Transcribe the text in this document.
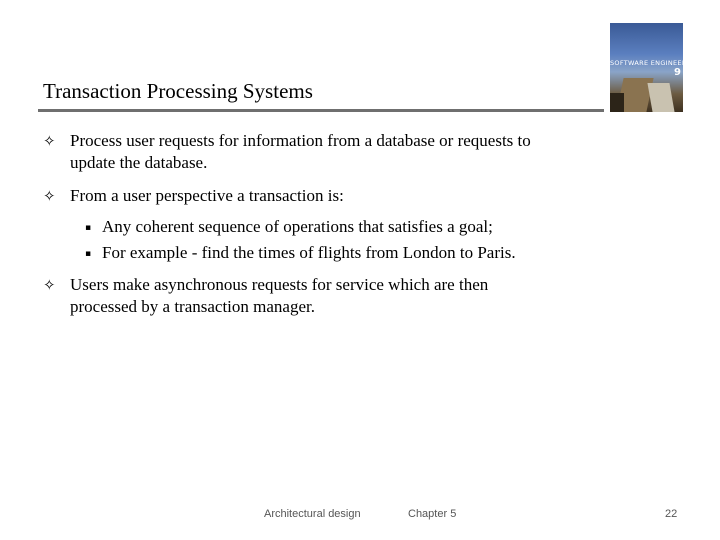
Transaction Processing Systems
SOFTWARE ENGINEERING
9
✧ Process user requests for information from a database or requests to
update the database.
✧ From a user perspective a transaction is:
▪ Any coherent sequence of operations that satisfies a goal;
▪ For example - find the times of flights from London to Paris.
✧ Users make asynchronous requests for service which are then
processed by a transaction manager.
Architectural design	Chapter 5	22
